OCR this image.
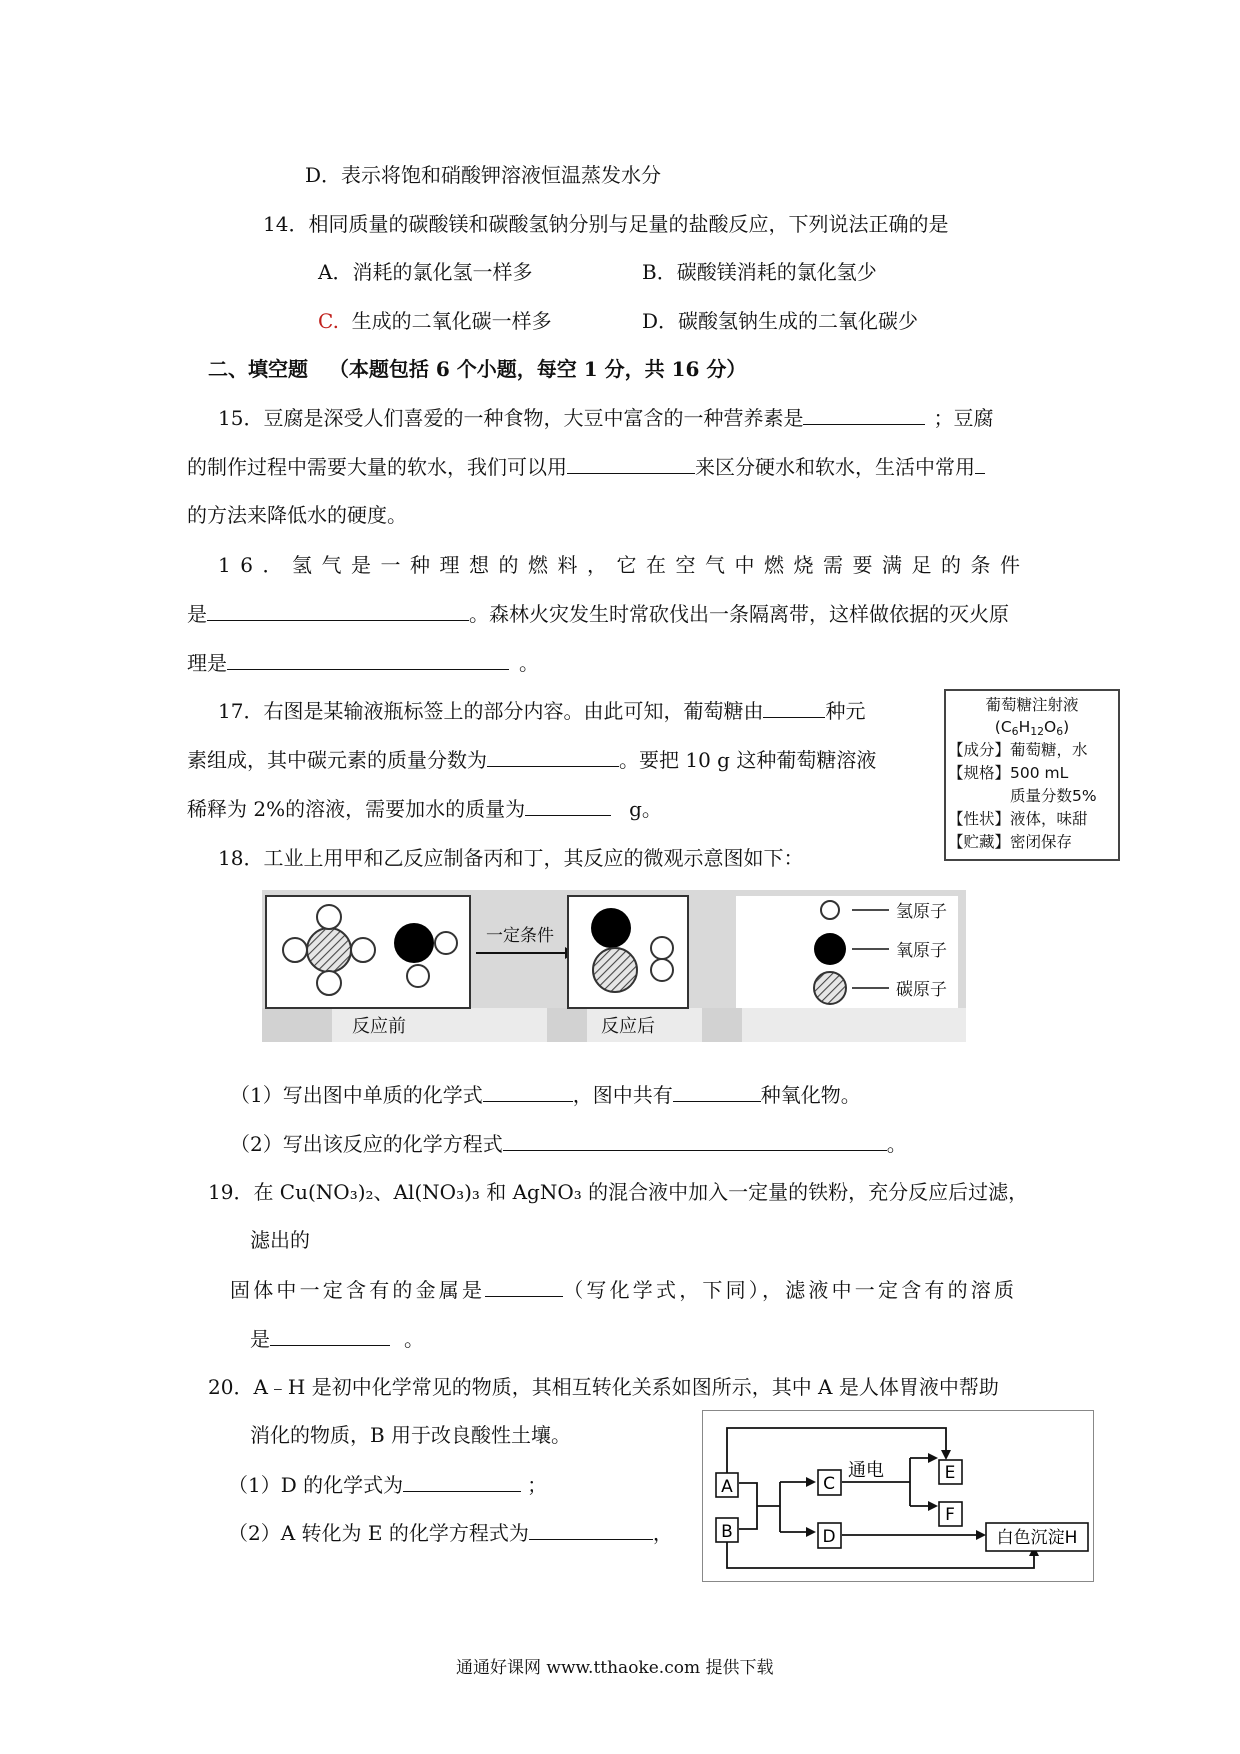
D．表示将饱和硝酸钾溶液恒温蒸发水分
14．相同质量的碳酸镁和碳酸氢钠分别与足量的盐酸反应，下列说法正确的是
A．消耗的氯化氢一样多	B．碳酸镁消耗的氯化氢少
C. 生成的二氧化碳一样多	D．碳酸氢钠生成的二氧化碳少
二、填空题 （本题包括 6 个小题，每空 1 分，共 16 分）
15．豆腐是深受人们喜爱的一种食物，大豆中富含的一种营养素是	；豆腐
的制作过程中需要大量的软水，我们可以用	来区分硬水和软水，生活中常用
的方法来降低水的硬度。
16．氢气是一种理想的燃料，它在空气中燃烧需要满足的条件
是	。森林火灾发生时常砍伐出一条隔离带，这样做依据的灭火原
理是	。
17．右图是某输液瓶标签上的部分内容。由此可知，葡萄糖由	种元
素组成，其中碳元素的质量分数为	。要把 10 g 这种葡萄糖溶液
稀释为 2%的溶液，需要加水的质量为	g。
葡萄糖注射液
$(C_6H_{12}O_6)$
【成分】葡萄糖，水
【规格】500 mL
质量分数5%
【性状】液体，味甜
【贮藏】密闭保存
18．工业上用甲和乙反应制备丙和丁，其反应的微观示意图如下：
一定条件
氢原子
氧原子
碳原子
反应前	反应后
（1）写出图中单质的化学式	，图中共有	种氧化物。
（2）写出该反应的化学方程式	。
19．在 Cu(NO₃)₂、Al(NO₃)₃ 和 AgNO₃ 的混合液中加入一定量的铁粉，充分反应后过滤，
滤出的
固体中一定含有的金属是	（写化学式，下同），滤液中一定含有的溶质
是	。
20．A﹣H 是初中化学常见的物质，其相互转化关系如图所示，其中 A 是人体胃液中帮助
消化的物质，B 用于改良酸性土壤。
（1）D 的化学式为	；
（2）A 转化为 E 的化学方程式为	，
A
B
C
D
E
F
白色沉淀H
通电
通通好课网 www.tthaoke.com 提供下载
